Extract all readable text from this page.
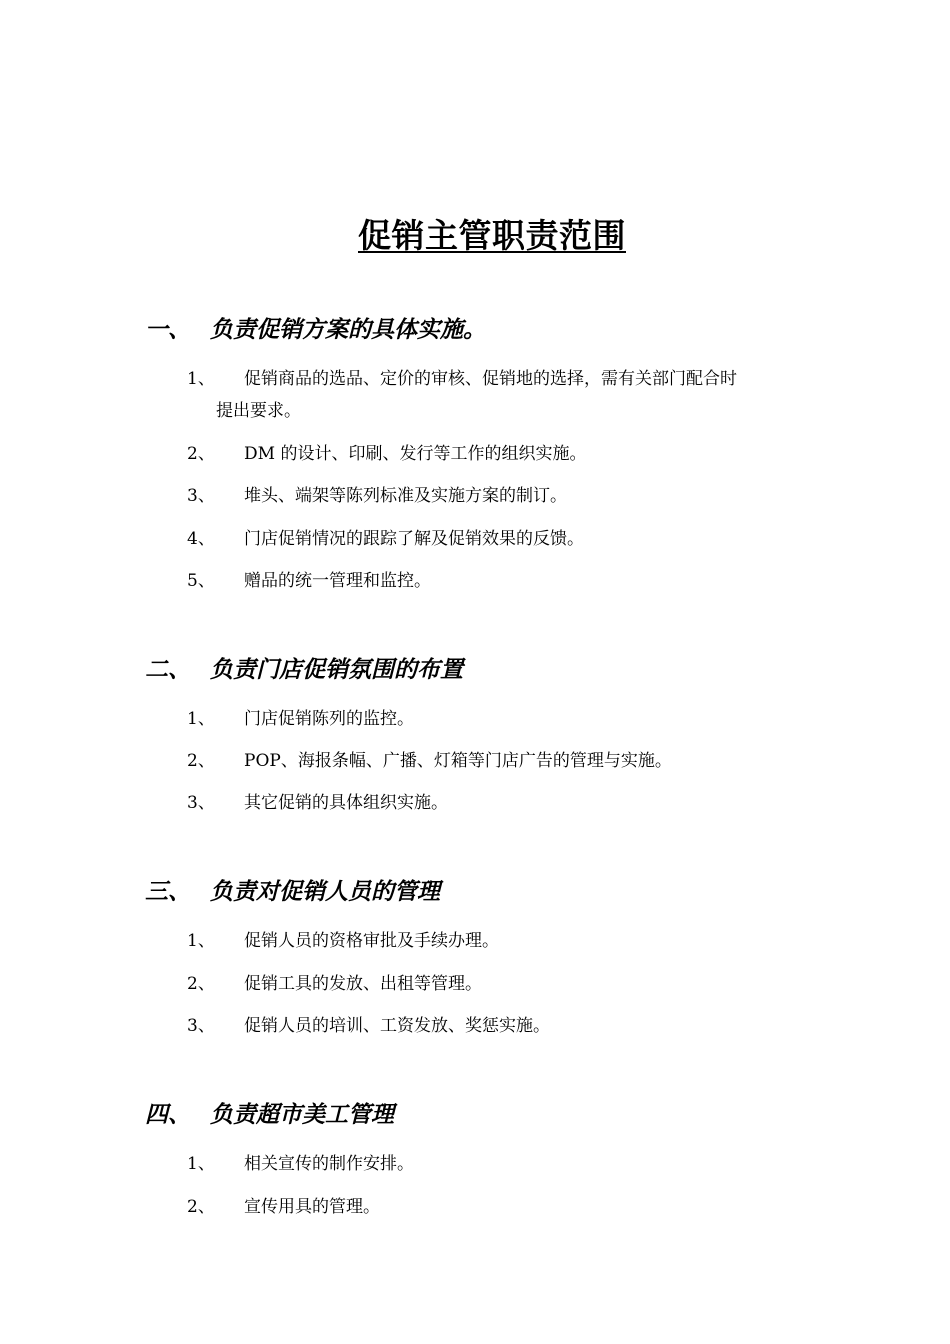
促销主管职责范围
一、 负责促销方案的具体实施。
1、 促销商品的选品、定价的审核、促销地的选择，需有关部门配合时
提出要求。
2、 DM 的设计、印刷、发行等工作的组织实施。
3、 堆头、端架等陈列标准及实施方案的制订。
4、 门店促销情况的跟踪了解及促销效果的反馈。
5、 赠品的统一管理和监控。
二、 负责门店促销氛围的布置
1、 门店促销陈列的监控。
2、 POP、海报条幅、广播、灯箱等门店广告的管理与实施。
3、 其它促销的具体组织实施。
三、 负责对促销人员的管理
1、 促销人员的资格审批及手续办理。
2、 促销工具的发放、出租等管理。
3、 促销人员的培训、工资发放、奖惩实施。
四、 负责超市美工管理
1、 相关宣传的制作安排。
2、 宣传用具的管理。
